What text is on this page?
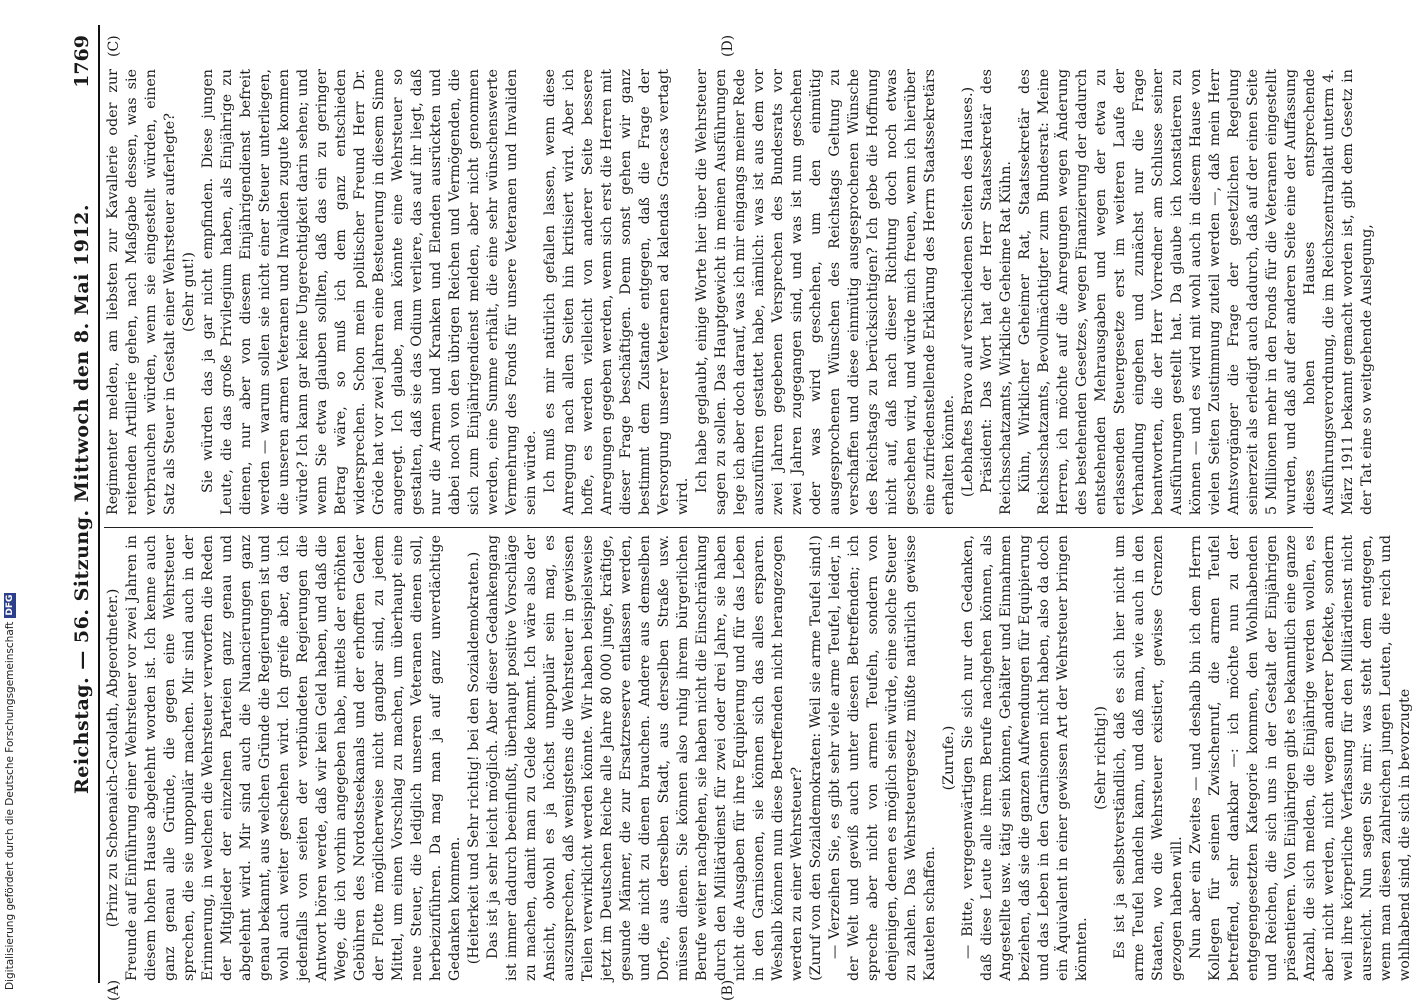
Reichstag. — 56. Sitzung. Mittwoch den 8. Mai 1912.
1769

(Prinz zu Schoenaich-Carolath, Abgeordneter.) Freunde auf Einführung einer Wehrsteuer vor zwei Jahren in diesem hohen Hause abgelehnt worden ist. Ich kenne auch ganz genau alle Gründe, die gegen eine Wehrsteuer sprechen, die sie unpopulär machen. Mir sind auch in der Erinnerung, in welchen die Wehrsteuer verworfen die Reden der Mitglieder der einzelnen Parteien ganz genau und abgelehnt wird. Mir sind auch die Nuancierungen ganz genau bekannt, aus welchen Gründe die Regierungen ist und wohl auch weiter geschehen wird. Ich greife aber, da ich jedenfalls von seiten der verbündeten Regierungen die Antwort hören werde, daß wir kein Geld haben, und daß die Wege, die ich vorhin angegeben habe, mittels der erhöhten Gebühren des Nordostseekanals und der erhofften Gelder der Flotte möglicherweise nicht gangbar sind, zu jedem Mittel, um einen Vorschlag zu machen, um überhaupt eine neue Steuer, die lediglich unseren Veteranen dienen soll, herbeizuführen. Da mag man ja auf ganz unverdächtige Gedanken kommen. (Heiterkeit und Sehr richtig! bei den Sozialdemokraten.) Das ist ja sehr leicht möglich. Aber dieser Gedankengang ist immer dadurch beeinflußt, überhaupt positive Vorschläge zu machen, damit man zu Gelde kommt. Ich wäre also der Ansicht, obwohl es ja höchst unpopulär sein mag, es auszusprechen, daß wenigstens die Wehrsteuer in gewissen Teilen verwirklicht werden könnte. Wir haben beispielsweise jetzt im Deutschen Reiche alle Jahre 80 000 junge, kräftige, gesunde Männer, die zur Ersatzreserve entlassen werden, und die nicht zu dienen brauchen. Andere aus demselben Dorfe, aus derselben Stadt, aus derselben Straße usw. müssen dienen. Sie können also ruhig ihrem bürgerlichen Berufe weiter nachgehen, sie haben nicht die Einschränkung durch den Militärdienst für zwei oder drei Jahre, sie haben nicht die Ausgaben für ihre Equipierung und für das Leben in den Garnisonen, sie können sich das alles ersparen. Weshalb können nun diese Betreffenden nicht herangezogen werden zu einer Wehrsteuer? (Zuruf von den Sozialdemokraten: Weil sie arme Teufel sind!) — Verzeihen Sie, es gibt sehr viele arme Teufel, leider, in der Welt und gewiß auch unter diesen Betreffenden; ich spreche aber nicht von armen Teufeln, sondern von denjenigen, denen es möglich sein würde, eine solche Steuer zu zahlen. Das Wehrsteuergesetz müßte natürlich gewisse Kautelen schaffen.

(Zurufe.) — Bitte, vergegenwärtigen Sie sich nur den Gedanken, daß diese Leute alle ihrem Berufe nachgehen können, als Angestellte usw. tätig sein können, Gehälter und Einnahmen beziehen, daß sie die ganzen Aufwendungen für Equipierung und das Leben in den Garnisonen nicht haben, also da doch ein Äquivalent in einer gewissen Art der Wehrsteuer bringen könnten.

(Sehr richtig!) Es ist ja selbstverständlich, daß es sich hier nicht um arme Teufel handeln kann, und daß man, wie auch in den Staaten, wo die Wehrsteuer existiert, gewisse Grenzen gezogen haben will. Nun aber ein Zweites — und deshalb bin ich dem Herrn Kollegen für seinen Zwischenruf, die armen Teufel betreffend, sehr dankbar —: ich möchte nun zu der entgegengesetzten Kategorie kommen, den Wohlhabenden und Reichen, die sich uns in der Gestalt der Einjährigen präsentieren. Von Einjährigen gibt es bekanntlich eine ganze Anzahl, die sich melden, die Einjährige werden wollen, es aber nicht werden, nicht wegen anderer Defekte, sondern weil ihre körperliche Verfassung für den Militärdienst nicht ausreicht. Nun sagen Sie mir: was steht dem entgegen, wenn man diesen zahlreichen jungen Leuten, die reich und wohlhabend sind, die sich in bevorzugte

Regimenter melden, am liebsten zur Kavallerie oder zur reitenden Artillerie gehen, nach Maßgabe dessen, was sie verbrauchen würden, wenn sie eingestellt würden, einen Satz als Steuer in Gestalt einer Wehrsteuer auferlegte? (Sehr gut!) Sie würden das ja gar nicht empfinden. Diese jungen Leute, die das große Privilegium haben, als Einjährige zu dienen, nur aber von diesem Einjährigendienst befreit werden — warum sollen sie nicht einer Steuer unterliegen, die unseren armen Veteranen und Invaliden zugute kommen würde? Ich kann gar keine Ungerechtigkeit darin sehen; und wenn Sie etwa glauben sollten, daß das ein zu geringer Betrag wäre, so muß ich dem ganz entschieden widersprechen. Schon mein politischer Freund Herr Dr. Gröde hat vor zwei Jahren eine Besteuerung in diesem Sinne angeregt. Ich glaube, man könnte eine Wehrsteuer so gestalten, daß sie das Odium verliere, das auf ihr liegt, daß nur die Armen und Kranken und Elenden ausrückten und dabei noch von den übrigen Reichen und Vermögenden, die sich zum Einjährigendienst melden, aber nicht genommen werden, eine Summe erhält, die eine sehr wünschenswerte Vermehrung des Fonds für unsere Veteranen und Invaliden sein würde. Ich muß es mir natürlich gefallen lassen, wenn diese Anregung nach allen Seiten hin kritisiert wird. Aber ich hoffe, es werden vielleicht von anderer Seite bessere Anregungen gegeben werden, wenn sich erst die Herren mit dieser Frage beschäftigen. Denn sonst gehen wir ganz bestimmt dem Zustande entgegen, daß die Frage der Versorgung unserer Veteranen ad kalendas Graecas vertagt wird.

Ich habe geglaubt, einige Worte hier über die Wehrsteuer sagen zu sollen. Das Hauptgewicht in meinen Ausführungen lege ich aber doch darauf, was ich mir eingangs meiner Rede auszuführen gestattet habe, nämlich: was ist aus dem vor zwei Jahren gegebenen Versprechen des Bundesrats vor zwei Jahren zugegangen sind, und was ist nun geschehen oder was wird geschehen, um den einmütig ausgesprochenen Wünschen des Reichstags Geltung zu verschaffen und diese einmütig ausgesprochenen Wünsche des Reichstags zu berücksichtigen? Ich gebe die Hoffnung nicht auf, daß nach dieser Richtung doch noch etwas geschehen wird, und würde mich freuen, wenn ich hierüber eine zufriedenstellende Erklärung des Herrn Staatssekretärs erhalten könnte. (Lebhaftes Bravo auf verschiedenen Seiten des Hauses.) Präsident: Das Wort hat der Herr Staatssekretär des Reichsschatzamts, Wirkliche Geheime Rat Kühn. Kühn, Wirklicher Geheimer Rat, Staatssekretär des Reichsschatzamts, Bevollmächtigter zum Bundesrat: Meine Herren, ich möchte auf die Anregungen wegen Änderung des bestehenden Gesetzes, wegen Finanzierung der dadurch entstehenden Mehrausgaben und wegen der etwa zu erlassenden Steuergesetze erst im weiteren Laufe der Verhandlung eingehen und zunächst nur die Frage beantworten, die der Herr Vorredner am Schlusse seiner Ausführungen gestellt hat. Da glaube ich konstatieren zu können — und es wird mit wohl auch in diesem Hause von vielen Seiten Zustimmung zuteil werden —, daß mein Herr Amtsvorgänger die Frage der gesetzlichen Regelung seinerzeit als erledigt auch dadurch, daß auf der einen Seite 5 Millionen mehr in den Fonds für die Veteranen eingestellt wurden, und daß auf der anderen Seite eine der Auffassung dieses hohen Hauses entsprechende Ausführungsverordnung, die im Reichszentralblatt unterm 4. März 1911 bekannt gemacht worden ist, gibt dem Gesetz in der Tat eine so weitgehende Auslegung,

(A)	(B)
(C)	(D)
Digitalisierung gefördert durch die Deutsche Forschungsgemeinschaft
DFG
